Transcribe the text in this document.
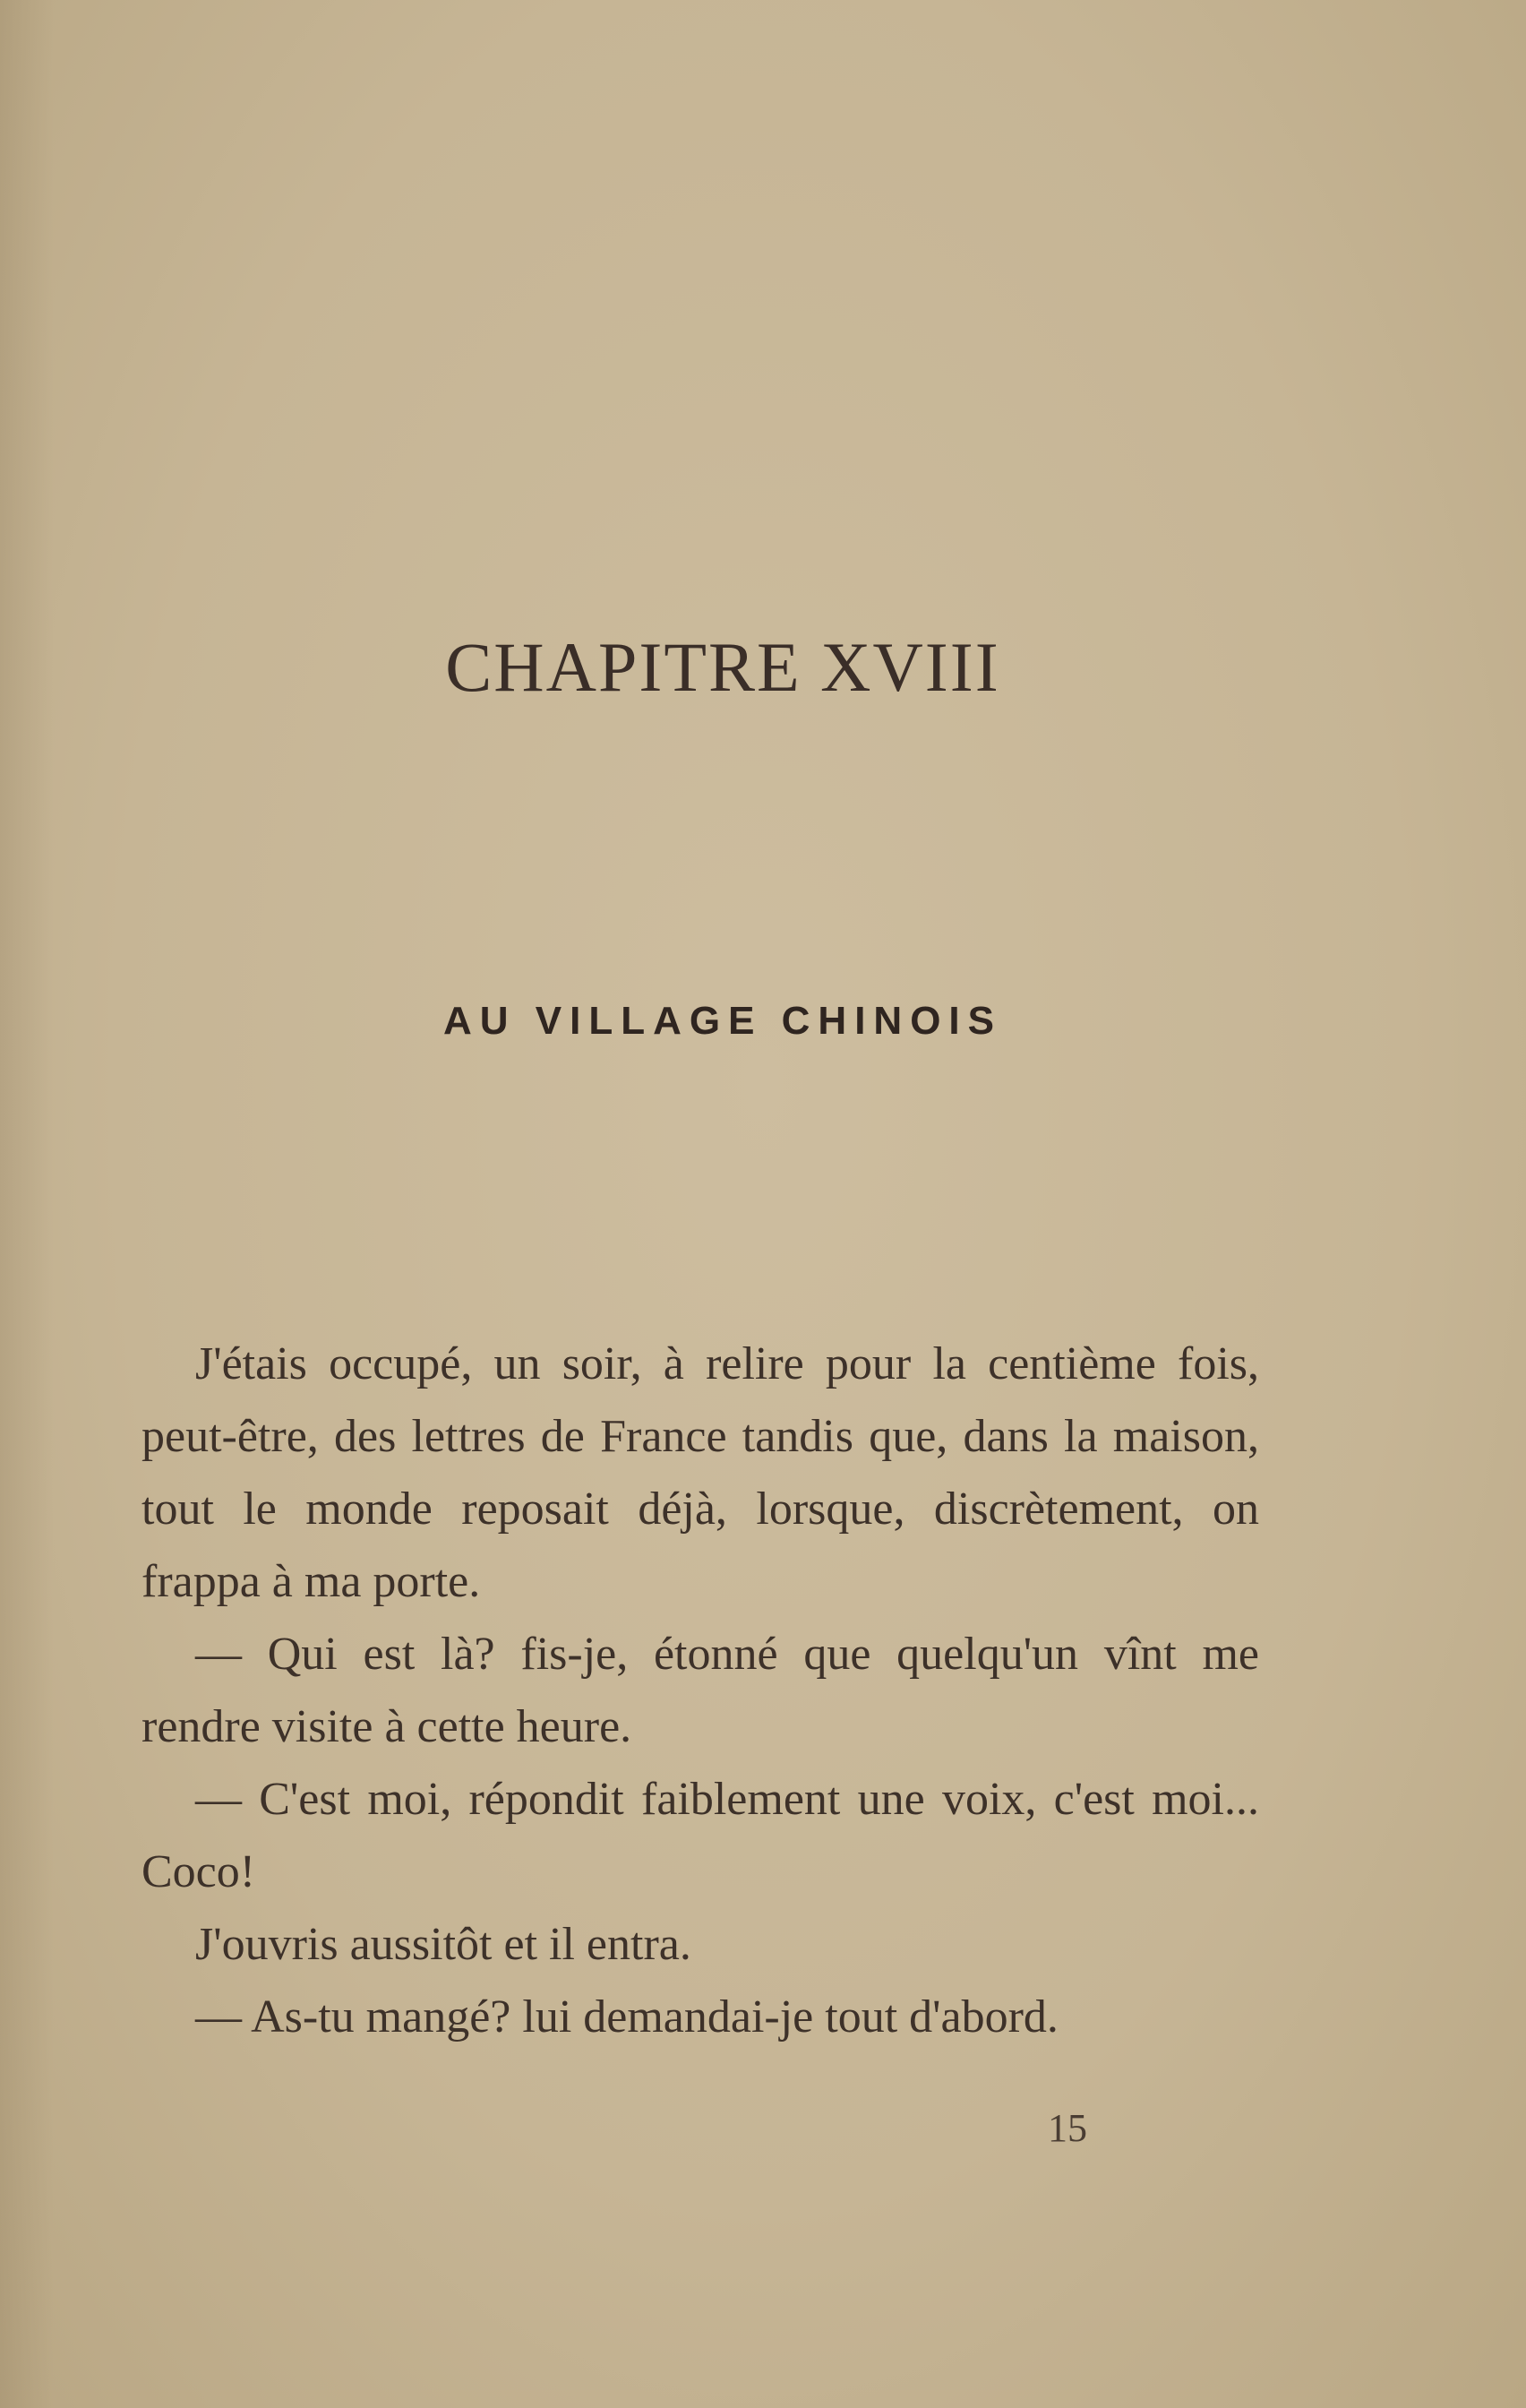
CHAPITRE XVIII
AU VILLAGE CHINOIS

J'étais occupé, un soir, à relire pour la centième fois, peut-être, des lettres de France tandis que, dans la maison, tout le monde reposait déjà, lorsque, discrètement, on frappa à ma porte.

— Qui est là? fis-je, étonné que quelqu'un vînt me rendre visite à cette heure.

— C'est moi, répondit faiblement une voix, c'est moi... Coco!

J'ouvris aussitôt et il entra.

— As-tu mangé? lui demandai-je tout d'abord.

15
